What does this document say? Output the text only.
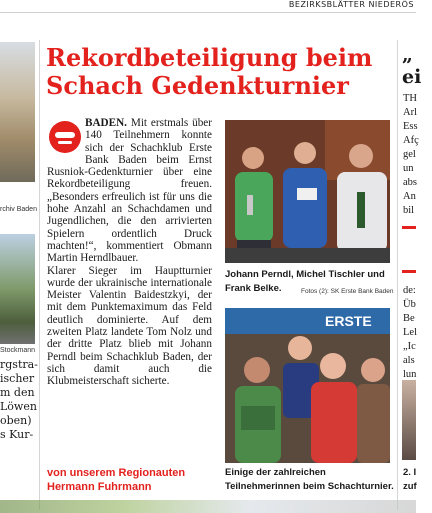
BEZIRKSBLÄTTER NIEDERÖS
rchiv Baden
Stockmann
rgstra-
ischer
m den
Löwen
oben)
s Kur-
Rekordbeteiligung beim Schach Gedenkturnier

BADEN. Mit erstmals über 140 Teilnehmern konnte sich der Schachklub Erste Bank Baden beim Ernst Rusniok-Gedenkturnier über eine Rekordbeteiligung freuen. „Besonders erfreulich ist für uns die hohe Anzahl an Schachdamen und Jugendlichen, die den arrivierten Spielern ordentlich Druck machten!“, kommentiert Obmann Martin Herndlbauer.

Klarer Sieger im Hauptturnier wurde der ukrainische internationale Meister Valentin Baidestzkyi, der mit dem Punktemaximum das Feld deutlich dominierte. Auf dem zweiten Platz landete Tom Nolz und der dritte Platz blieb mit Johann Perndl beim Schachklub Baden, der sich damit auch die Klubmeisterschaft sicherte.

von unserem Regionauten
Hermann Fuhrmann
Johann Perndl, Michel Tischler und Frank Belke.	Fotos (2): SK Erste Bank Baden
ERSTE
Einige der zahlreichen Teilnehmerinnen beim Schachturnier.
„
ei
TH
Arl
Ess
Afç
gel
un
abs
An
bil
de:
Üb
Be
Lel
„Ic
als
lun
2. I
zuf
